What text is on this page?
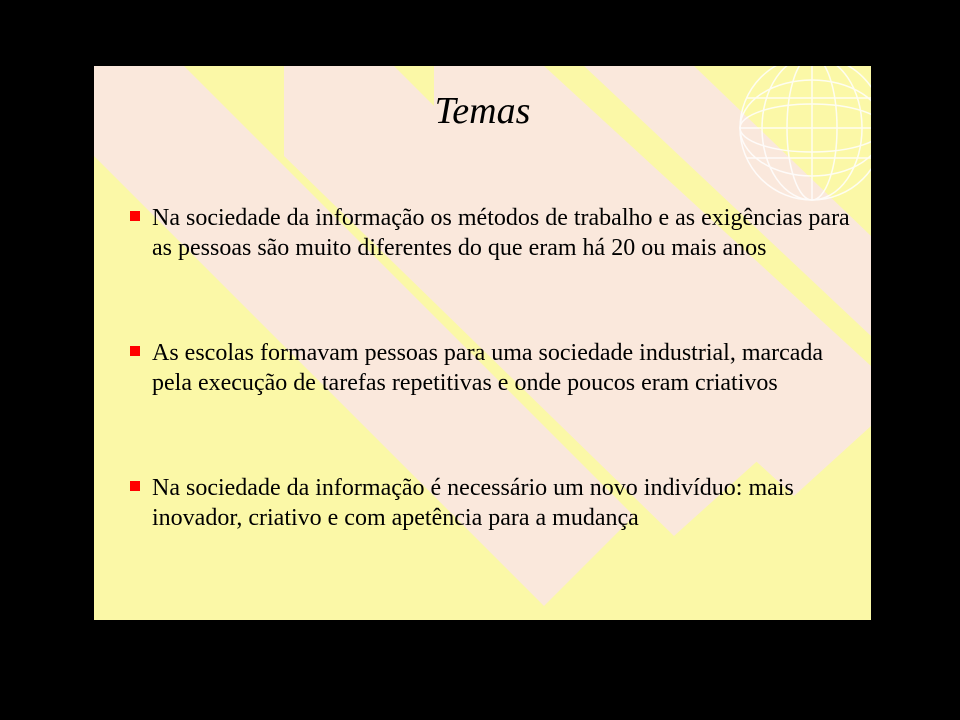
Temas
Na sociedade da informação os métodos de trabalho e as exigências para as pessoas são muito diferentes do que eram há 20 ou mais anos
As escolas formavam pessoas para uma sociedade industrial, marcada pela execução de tarefas repetitivas e onde poucos eram criativos
Na sociedade da informação é necessário um novo indivíduo: mais inovador, criativo e com apetência para a mudança
